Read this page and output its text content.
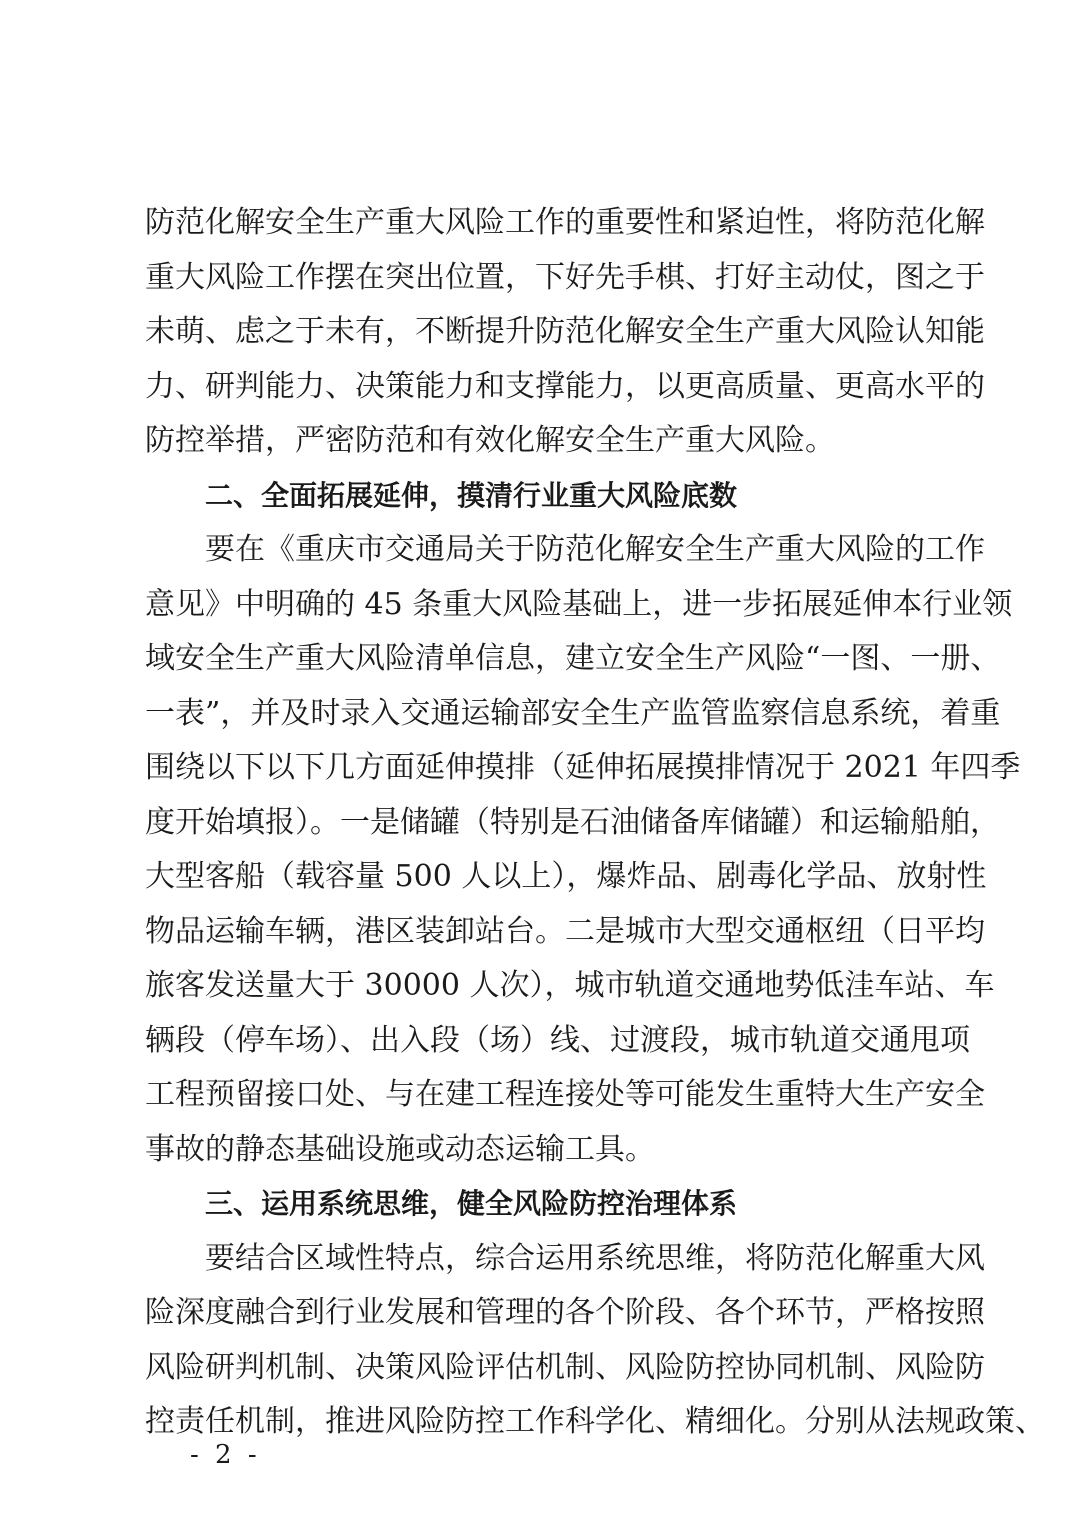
防范化解安全生产重大风险工作的重要性和紧迫性，将防范化解
重大风险工作摆在突出位置，下好先手棋、打好主动仗，图之于
未萌、虑之于未有，不断提升防范化解安全生产重大风险认知能
力、研判能力、决策能力和支撑能力，以更高质量、更高水平的
防控举措，严密防范和有效化解安全生产重大风险。
二、全面拓展延伸，摸清行业重大风险底数
要在《重庆市交通局关于防范化解安全生产重大风险的工作
意见》中明确的 45 条重大风险基础上，进一步拓展延伸本行业领
域安全生产重大风险清单信息，建立安全生产风险“一图、一册、
一表”，并及时录入交通运输部安全生产监管监察信息系统，着重
围绕以下以下几方面延伸摸排（延伸拓展摸排情况于 2021 年四季
度开始填报）。一是储罐（特别是石油储备库储罐）和运输船舶，
大型客船（载容量 500 人以上），爆炸品、剧毒化学品、放射性
物品运输车辆，港区装卸站台。二是城市大型交通枢纽（日平均
旅客发送量大于 30000 人次），城市轨道交通地势低洼车站、车
辆段（停车场）、出入段（场）线、过渡段，城市轨道交通甩项
工程预留接口处、与在建工程连接处等可能发生重特大生产安全
事故的静态基础设施或动态运输工具。
三、运用系统思维，健全风险防控治理体系
要结合区域性特点，综合运用系统思维，将防范化解重大风
险深度融合到行业发展和管理的各个阶段、各个环节，严格按照
风险研判机制、决策风险评估机制、风险防控协同机制、风险防
控责任机制，推进风险防控工作科学化、精细化。分别从法规政策、
- 2 -
